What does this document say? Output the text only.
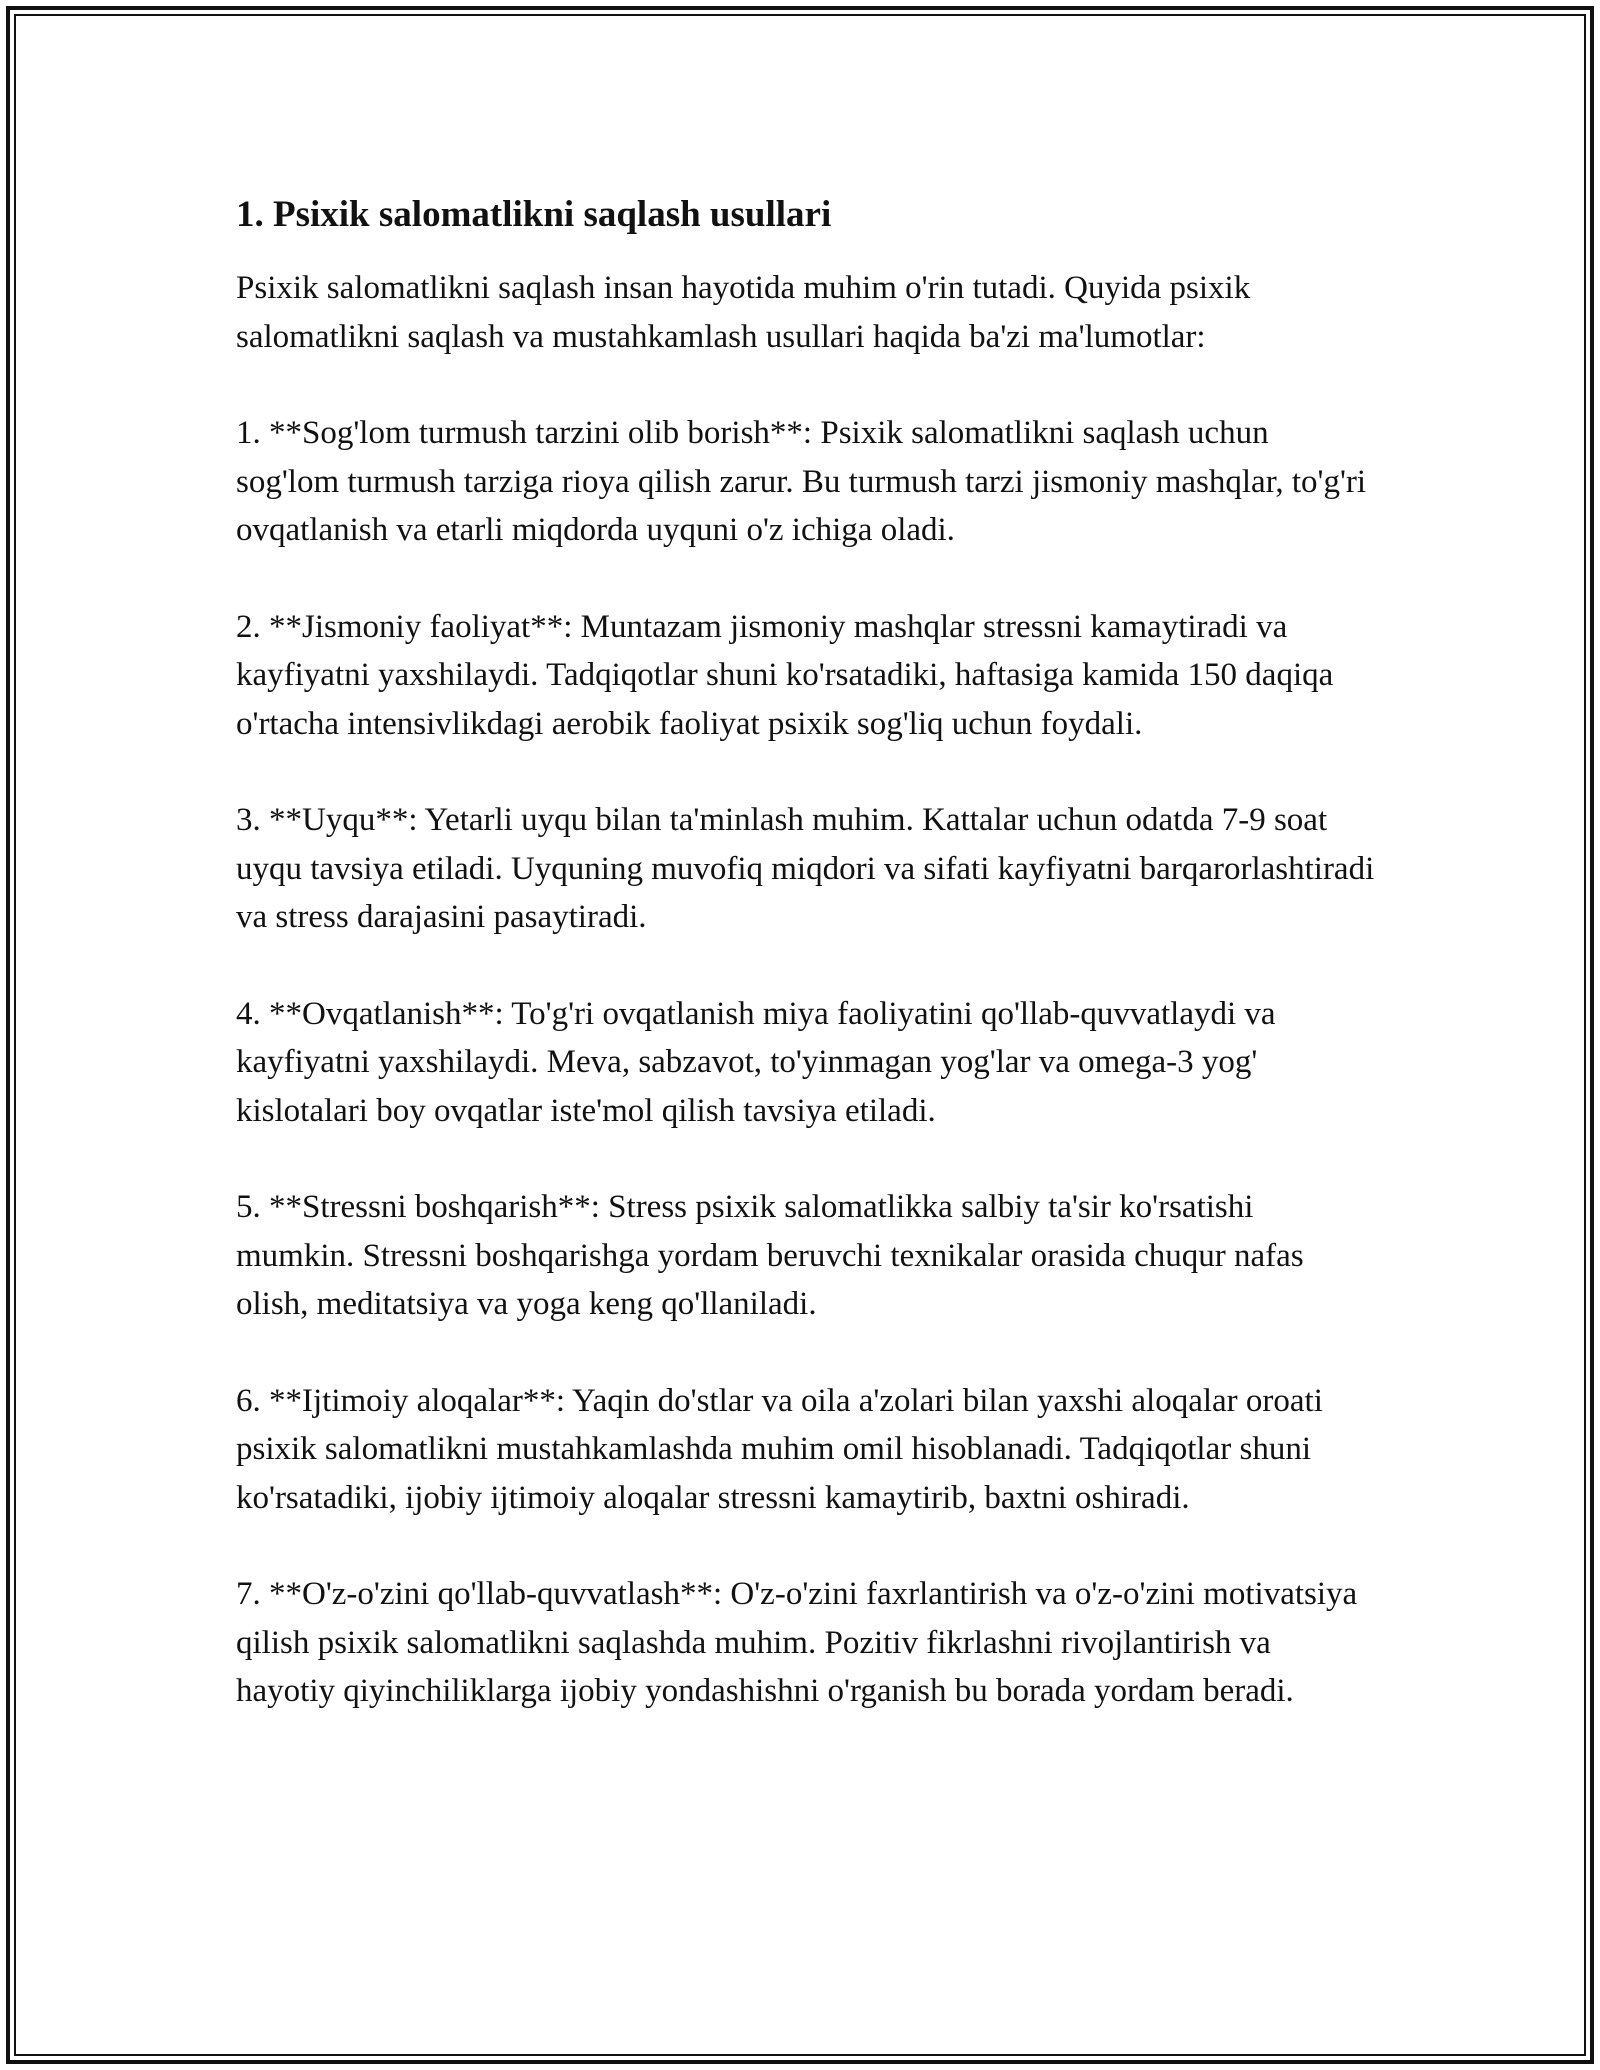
1. Psixik salomatlikni saqlash usullari

Psixik salomatlikni saqlash insan hayotida muhim o'rin tutadi. Quyida psixik salomatlikni saqlash va mustahkamlash usullari haqida ba'zi ma'lumotlar:

1. **Sog'lom turmush tarzini olib borish**: Psixik salomatlikni saqlash uchun sog'lom turmush tarziga rioya qilish zarur. Bu turmush tarzi jismoniy mashqlar, to'g'ri ovqatlanish va etarli miqdorda uyquni o'z ichiga oladi.

2. **Jismoniy faoliyat**: Muntazam jismoniy mashqlar stressni kamaytiradi va kayfiyatni yaxshilaydi. Tadqiqotlar shuni ko'rsatadiki, haftasiga kamida 150 daqiqa o'rtacha intensivlikdagi aerobik faoliyat psixik sog'liq uchun foydali.

3. **Uyqu**: Yetarli uyqu bilan ta'minlash muhim. Kattalar uchun odatda 7-9 soat uyqu tavsiya etiladi. Uyquning muvofiq miqdori va sifati kayfiyatni barqarorlashtiradi va stress darajasini pasaytiradi.

4. **Ovqatlanish**: To'g'ri ovqatlanish miya faoliyatini qo'llab-quvvatlaydi va kayfiyatni yaxshilaydi. Meva, sabzavot, to'yinmagan yog'lar va omega-3 yog' kislotalari boy ovqatlar iste'mol qilish tavsiya etiladi.

5. **Stressni boshqarish**: Stress psixik salomatlikka salbiy ta'sir ko'rsatishi mumkin. Stressni boshqarishga yordam beruvchi texnikalar orasida chuqur nafas olish, meditatsiya va yoga keng qo'llaniladi.

6. **Ijtimoiy aloqalar**: Yaqin do'stlar va oila a'zolari bilan yaxshi aloqalar oroati psixik salomatlikni mustahkamlashda muhim omil hisoblanadi. Tadqiqotlar shuni ko'rsatadiki, ijobiy ijtimoiy aloqalar stressni kamaytirib, baxtni oshiradi.

7. **O'z-o'zini qo'llab-quvvatlash**: O'z-o'zini faxrlantirish va o'z-o'zini motivatsiya qilish psixik salomatlikni saqlashda muhim. Pozitiv fikrlashni rivojlantirish va hayotiy qiyinchiliklarga ijobiy yondashishni o'rganish bu borada yordam beradi.
